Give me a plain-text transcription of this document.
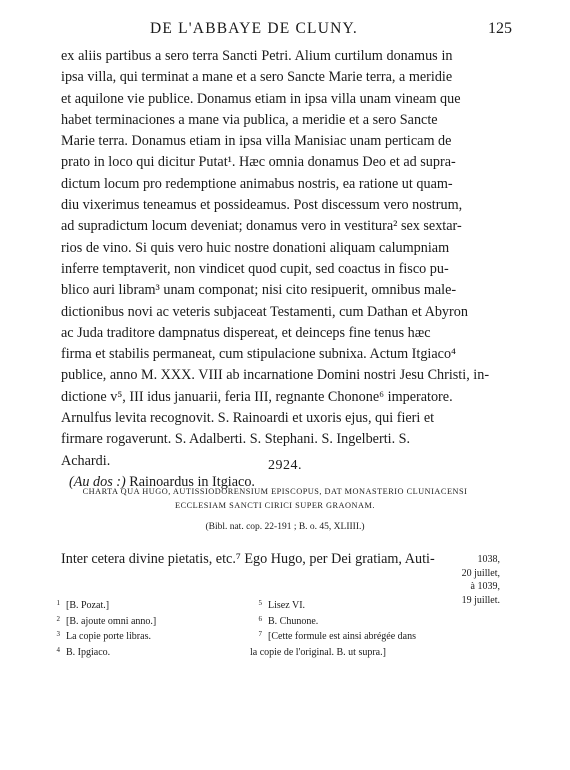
DE L'ABBAYE DE CLUNY.	125
ex aliis partibus a sero terra Sancti Petri. Alium curtilum donamus in
ipsa villa, qui terminat a mane et a sero Sancte Marie terra, a meridie
et aquilone vie publice. Donamus etiam in ipsa villa unam vineam que
habet terminaciones a mane via publica, a meridie et a sero Sancte
Marie terra. Donamus etiam in ipsa villa Manisiac unam perticam de
prato in loco qui dicitur Putat¹. Hæc omnia donamus Deo et ad supra-
dictum locum pro redemptione animabus nostris, ea ratione ut quam-
diu vixerimus teneamus et possideamus. Post discessum vero nostrum,
ad supradictum locum deveniat; donamus vero in vestitura² sex sextar-
rios de vino. Si quis vero huic nostre donationi aliquam calumpniam
inferre temptaverit, non vindicet quod cupit, sed coactus in fisco pu-
blico auri libram³ unam componat; nisi cito resipuerit, omnibus male-
dictionibus novi ac veteris subjaceat Testamenti, cum Dathan et Abyron
ac Juda traditore dampnatus dispereat, et deinceps fine tenus hæc
firma et stabilis permaneat, cum stipulacione subnixa. Actum Itgiaco⁴
publice, anno M. XXX. VIII ab incarnatione Domini nostri Jesu Christi, in-
dictione v⁵, III idus januarii, feria III, regnante Chonone⁶ imperatore.
Arnulfus levita recognovit. S. Rainoardi et uxoris ejus, qui fieri et
firmare rogaverunt. S. Adalberti. S. Stephani. S. Ingelberti. S.
Achardi.
(Au dos :) Rainoardus in Itgiaco.
2924.
CHARTA QUA HUGO, AUTISSIODORENSIUM EPISCOPUS, DAT MONASTERIO CLUNIACENSI
ECCLESIAM SANCTI CIRICI SUPER GRAONAM.
(Bibl. nat. cop. 22-191 ; B. o. 45, XLIIII.)
Inter cetera divine pietatis, etc.⁷ Ego Hugo, per Dei gratiam, Auti-	1038,
20 juillet,
à 1039,
19 juillet.
1 [B. Pozat.]
2 [B. ajoute omni anno.]
3 La copie porte libras.
4 B. Ipgiaco.
5 Lisez VI.
6 B. Chunone.
7 [Cette formule est ainsi abrégée dans
la copie de l'original. B. ut supra.]
